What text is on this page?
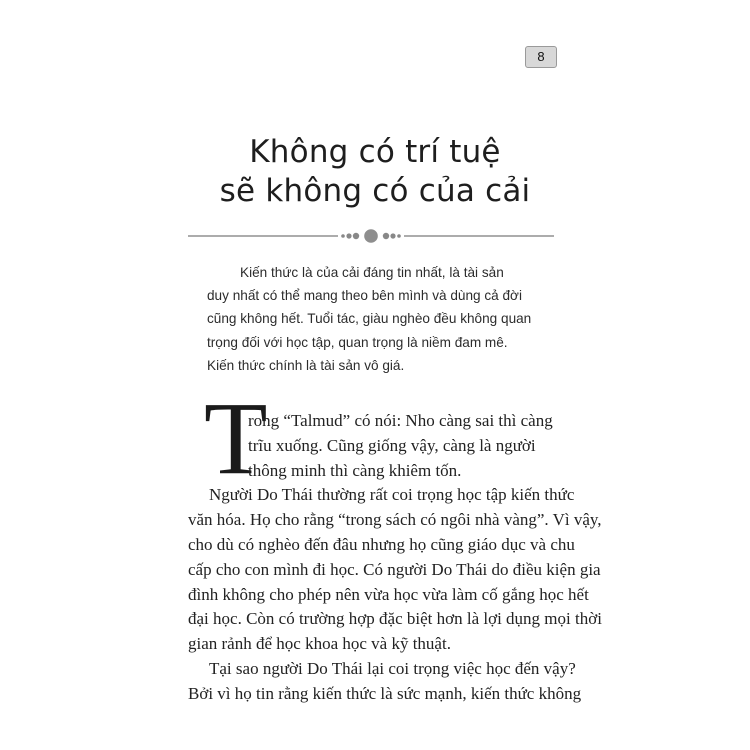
8
Không có trí tuệ
sẽ không có của cải
Kiến thức là của cải đáng tin nhất, là tài sản
duy nhất có thể mang theo bên mình và dùng cả đời
cũng không hết. Tuổi tác, giàu nghèo đều không quan
trọng đối với học tập, quan trọng là niềm đam mê.
Kiến thức chính là tài sản vô giá.
T
rong “Talmud” có nói: Nho càng sai thì càng
trĩu xuống. Cũng giống vậy, càng là người
thông minh thì càng khiêm tốn.
Người Do Thái thường rất coi trọng học tập kiến thức
văn hóa. Họ cho rằng “trong sách có ngôi nhà vàng”. Vì vậy,
cho dù có nghèo đến đâu nhưng họ cũng giáo dục và chu
cấp cho con mình đi học. Có người Do Thái do điều kiện gia
đình không cho phép nên vừa học vừa làm cố gắng học hết
đại học. Còn có trường hợp đặc biệt hơn là lợi dụng mọi thời
gian rảnh để học khoa học và kỹ thuật.
Tại sao người Do Thái lại coi trọng việc học đến vậy?
Bởi vì họ tin rằng kiến thức là sức mạnh, kiến thức không
